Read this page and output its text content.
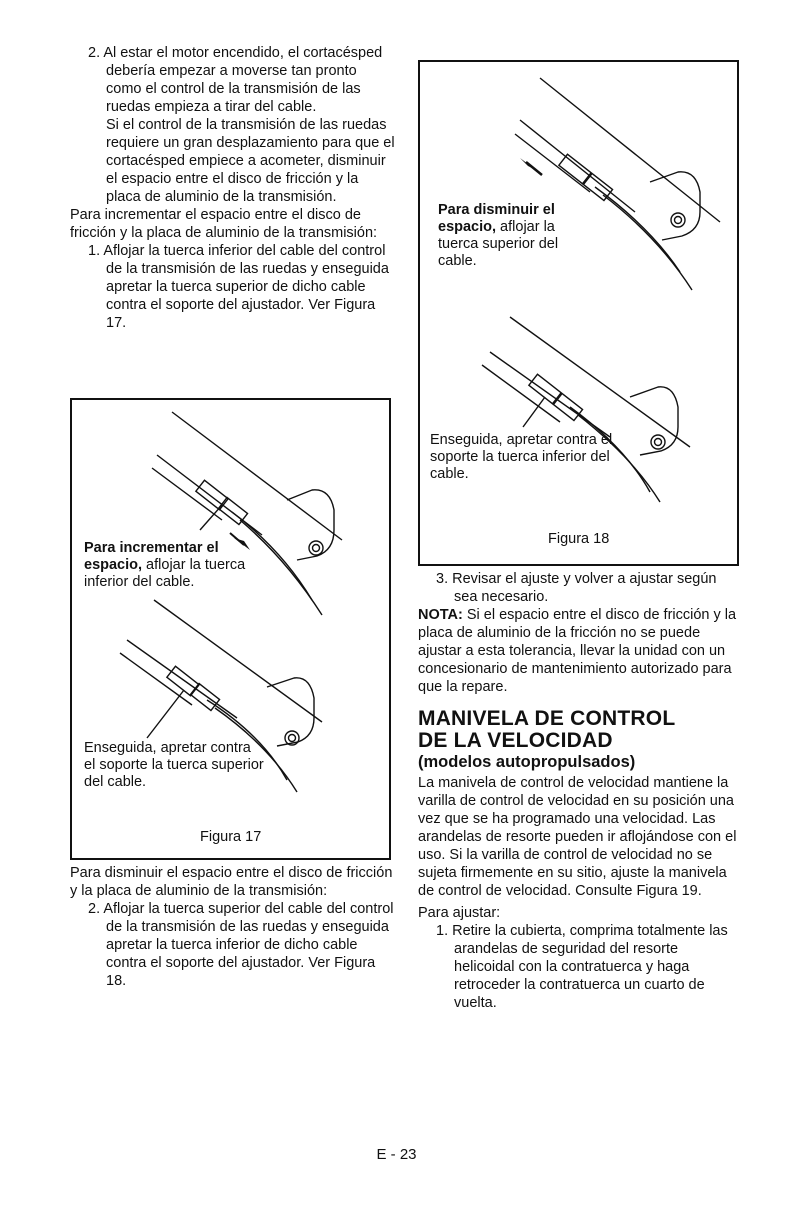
2. Al estar el motor encendido, el cortacésped debería empezar a moverse tan pronto como el control de la transmisión de las ruedas empieza a tirar del cable.

Si el control de la transmisión de las ruedas requiere un gran desplazamiento para que el cortacésped empiece a acometer, disminuir el espacio entre el disco de fricción y la placa de aluminio de la transmisión.

Para incrementar el espacio entre el disco de fricción y la placa de aluminio de la transmisión:

1. Aflojar la tuerca inferior del cable del control de la transmisión de las ruedas y enseguida apretar la tuerca superior de dicho cable contra el soporte del ajustador. Ver Figura 17.

Para incrementar el espacio, aflojar la tuerca inferior del cable.
Enseguida, apretar contra el soporte la tuerca superior del cable.
Figura 17

Para disminuir el espacio entre el disco de fricción y la placa de aluminio de la transmisión:

2. Aflojar la tuerca superior del cable del control de la transmisión de las ruedas y enseguida apretar la tuerca inferior de dicho cable contra el soporte del ajustador. Ver Figura 18.

Para disminuir el espacio, aflojar la tuerca superior del cable.
Enseguida, apretar contra el soporte la tuerca inferior del cable.
Figura 18

3. Revisar el ajuste y volver a ajustar según sea necesario.

NOTA: Si el espacio entre el disco de fricción y la placa de aluminio de la fricción no se puede ajustar a esta tolerancia, llevar la unidad con un concesionario de mantenimiento autorizado para que la repare.

MANIVELA DE CONTROL
DE LA VELOCIDAD
(modelos autopropulsados)

La manivela de control de velocidad mantiene la varilla de control de velocidad en su posición una vez que se ha programado una velocidad. Las arandelas de resorte pueden ir aflojándose con el uso. Si la varilla de control de velocidad no se sujeta firmemente en su sitio, ajuste la manivela de control de velocidad. Consulte Figura 19.

Para ajustar:

1. Retire la cubierta, comprima totalmente las arandelas de seguridad del resorte helicoidal con la contratuerca y haga retroceder la contratuerca un cuarto de vuelta.

E - 23
